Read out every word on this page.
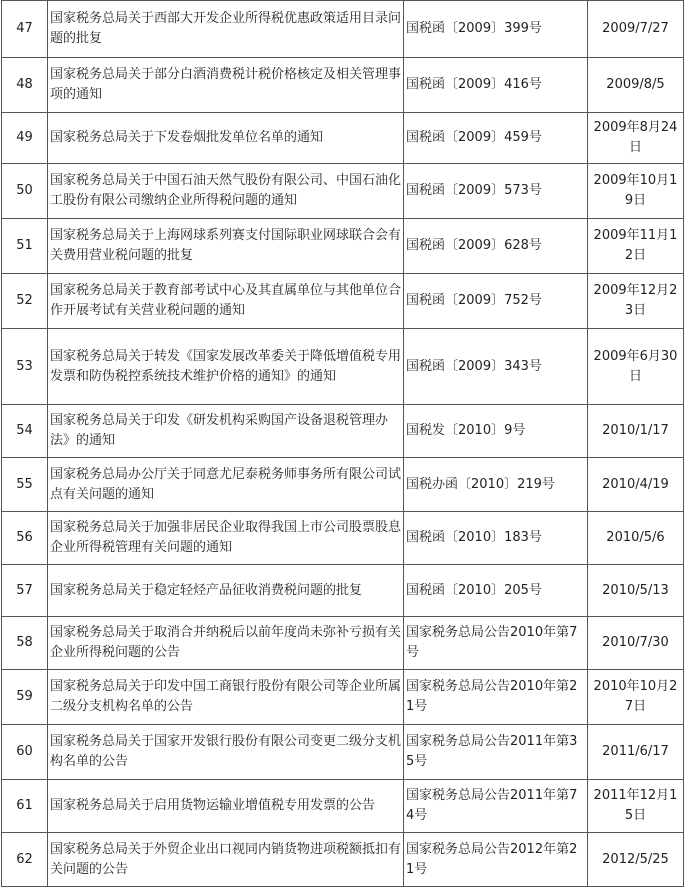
47	国家税务总局关于西部大开发企业所得税优惠政策适用目录问题的批复	国税函〔2009〕399号	2009/7/27
48	国家税务总局关于部分白酒消费税计税价格核定及相关管理事项的通知	国税函〔2009〕416号	2009/8/5
49	国家税务总局关于下发卷烟批发单位名单的通知	国税函〔2009〕459号	2009年8月24日
50	国家税务总局关于中国石油天然气股份有限公司、中国石油化工股份有限公司缴纳企业所得税问题的通知	国税函〔2009〕573号	2009年10月19日
51	国家税务总局关于上海网球系列赛支付国际职业网球联合会有关费用营业税问题的批复	国税函〔2009〕628号	2009年11月12日
52	国家税务总局关于教育部考试中心及其直属单位与其他单位合作开展考试有关营业税问题的通知	国税函〔2009〕752号	2009年12月23日
53	国家税务总局关于转发《国家发展改革委关于降低增值税专用发票和防伪税控系统技术维护价格的通知》的通知	国税函〔2009〕343号	2009年6月30日
54	国家税务总局关于印发《研发机构采购国产设备退税管理办法》的通知	国税发〔2010〕9号	2010/1/17
55	国家税务总局办公厅关于同意尤尼泰税务师事务所有限公司试点有关问题的通知	国税办函〔2010〕219号	2010/4/19
56	国家税务总局关于加强非居民企业取得我国上市公司股票股息企业所得税管理有关问题的通知	国税函〔2010〕183号	2010/5/6
57	国家税务总局关于稳定轻烃产品征收消费税问题的批复	国税函〔2010〕205号	2010/5/13
58	国家税务总局关于取消合并纳税后以前年度尚未弥补亏损有关企业所得税问题的公告	国家税务总局公告2010年第7号	2010/7/30
59	国家税务总局关于印发中国工商银行股份有限公司等企业所属二级分支机构名单的公告	国家税务总局公告2010年第21号	2010年10月27日
60	国家税务总局关于国家开发银行股份有限公司变更二级分支机构名单的公告	国家税务总局公告2011年第35号	2011/6/17
61	国家税务总局关于启用货物运输业增值税专用发票的公告	国家税务总局公告2011年第74号	2011年12月15日
62	国家税务总局关于外贸企业出口视同内销货物进项税额抵扣有关问题的公告	国家税务总局公告2012年第21号	2012/5/25
